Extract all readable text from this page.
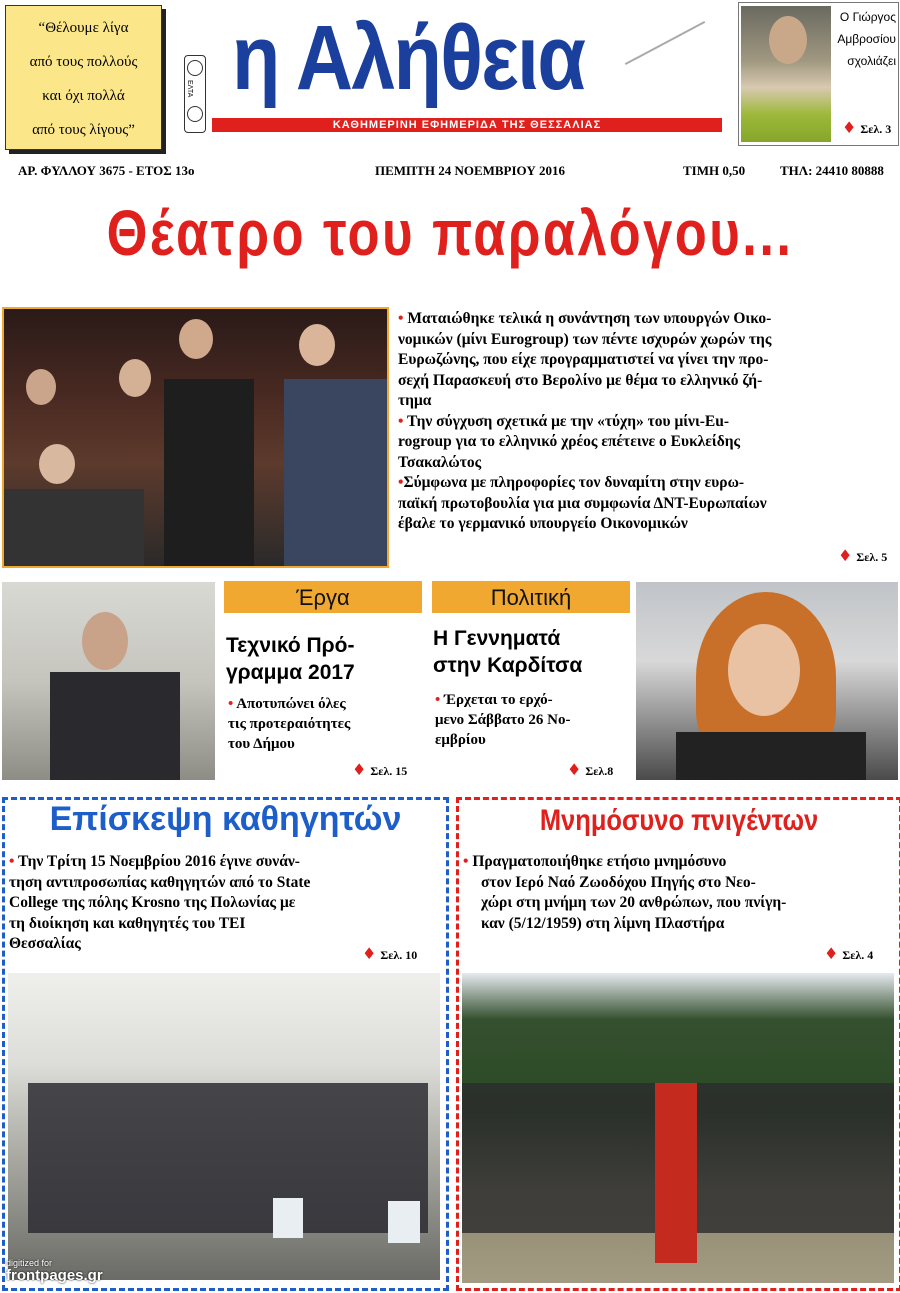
“Θέλουμε λίγα
από τους πολλούς
και όχι πολλά
από τους λίγους”
ΕΛΤΑ η Αλήθεια
ΚΑΘΗΜΕΡΙΝΗ ΕΦΗΜΕΡΙΔΑ ΤΗΣ ΘΕΣΣΑΛΙΑΣ
Ο Γιώργος
Αμβροσίου
σχολιάζει
♦ Σελ. 3
ΑΡ. ΦΥΛΛΟΥ 3675 - ΕΤΟΣ 13ο	ΠΕΜΠΤΗ 24 ΝΟΕΜΒΡΙΟΥ 2016	ΤΙΜΗ 0,50	ΤΗΛ: 24410 80888
Θέατρο του παραλόγου...
• Ματαιώθηκε τελικά η συνάντηση των υπουργών Οικο-
νομικών (μίνι Eurogroup) των πέντε ισχυρών χωρών της
Ευρωζώνης, που είχε προγραμματιστεί να γίνει την προ-
σεχή Παρασκευή στο Βερολίνο με θέμα το ελληνικό ζή-
τημα
• Την σύγχυση σχετικά με την «τύχη» του μίνι-Eu-
rogroup για το ελληνικό χρέος επέτεινε ο Ευκλείδης
Τσακαλώτος
•Σύμφωνα με πληροφορίες τον δυναμίτη στην ευρω-
παϊκή πρωτοβουλία για μια συμφωνία ΔΝΤ-Ευρωπαίων
έβαλε το γερμανικό υπουργείο Οικονομικών
♦ Σελ. 5
Έργα
Τεχνικό Πρό-
γραμμα 2017
• Αποτυπώνει όλες
τις προτεραιότητες
του Δήμου
♦ Σελ. 15
Πολιτική
Η Γεννηματά
στην Καρδίτσα
• Έρχεται το ερχό-
μενο Σάββατο 26 Νο-
εμβρίου
♦ Σελ.8
Επίσκεψη καθηγητών
• Την Τρίτη 15 Νοεμβρίου 2016 έγινε συνάν-
τηση αντιπροσωπίας καθηγητών από το State
College της πόλης Krosno της Πολωνίας με
τη διοίκηση και καθηγητές του ΤΕΙ
Θεσσαλίας
♦ Σελ. 10
Μνημόσυνο πνιγέντων
• Πραγματοποιήθηκε ετήσιο μνημόσυνο
στον Ιερό Ναό Ζωοδόχου Πηγής στο Νεο-
χώρι στη μνήμη των 20 ανθρώπων, που πνίγη-
καν (5/12/1959) στη λίμνη Πλαστήρα
♦ Σελ. 4
digitized for
frontpages.gr
